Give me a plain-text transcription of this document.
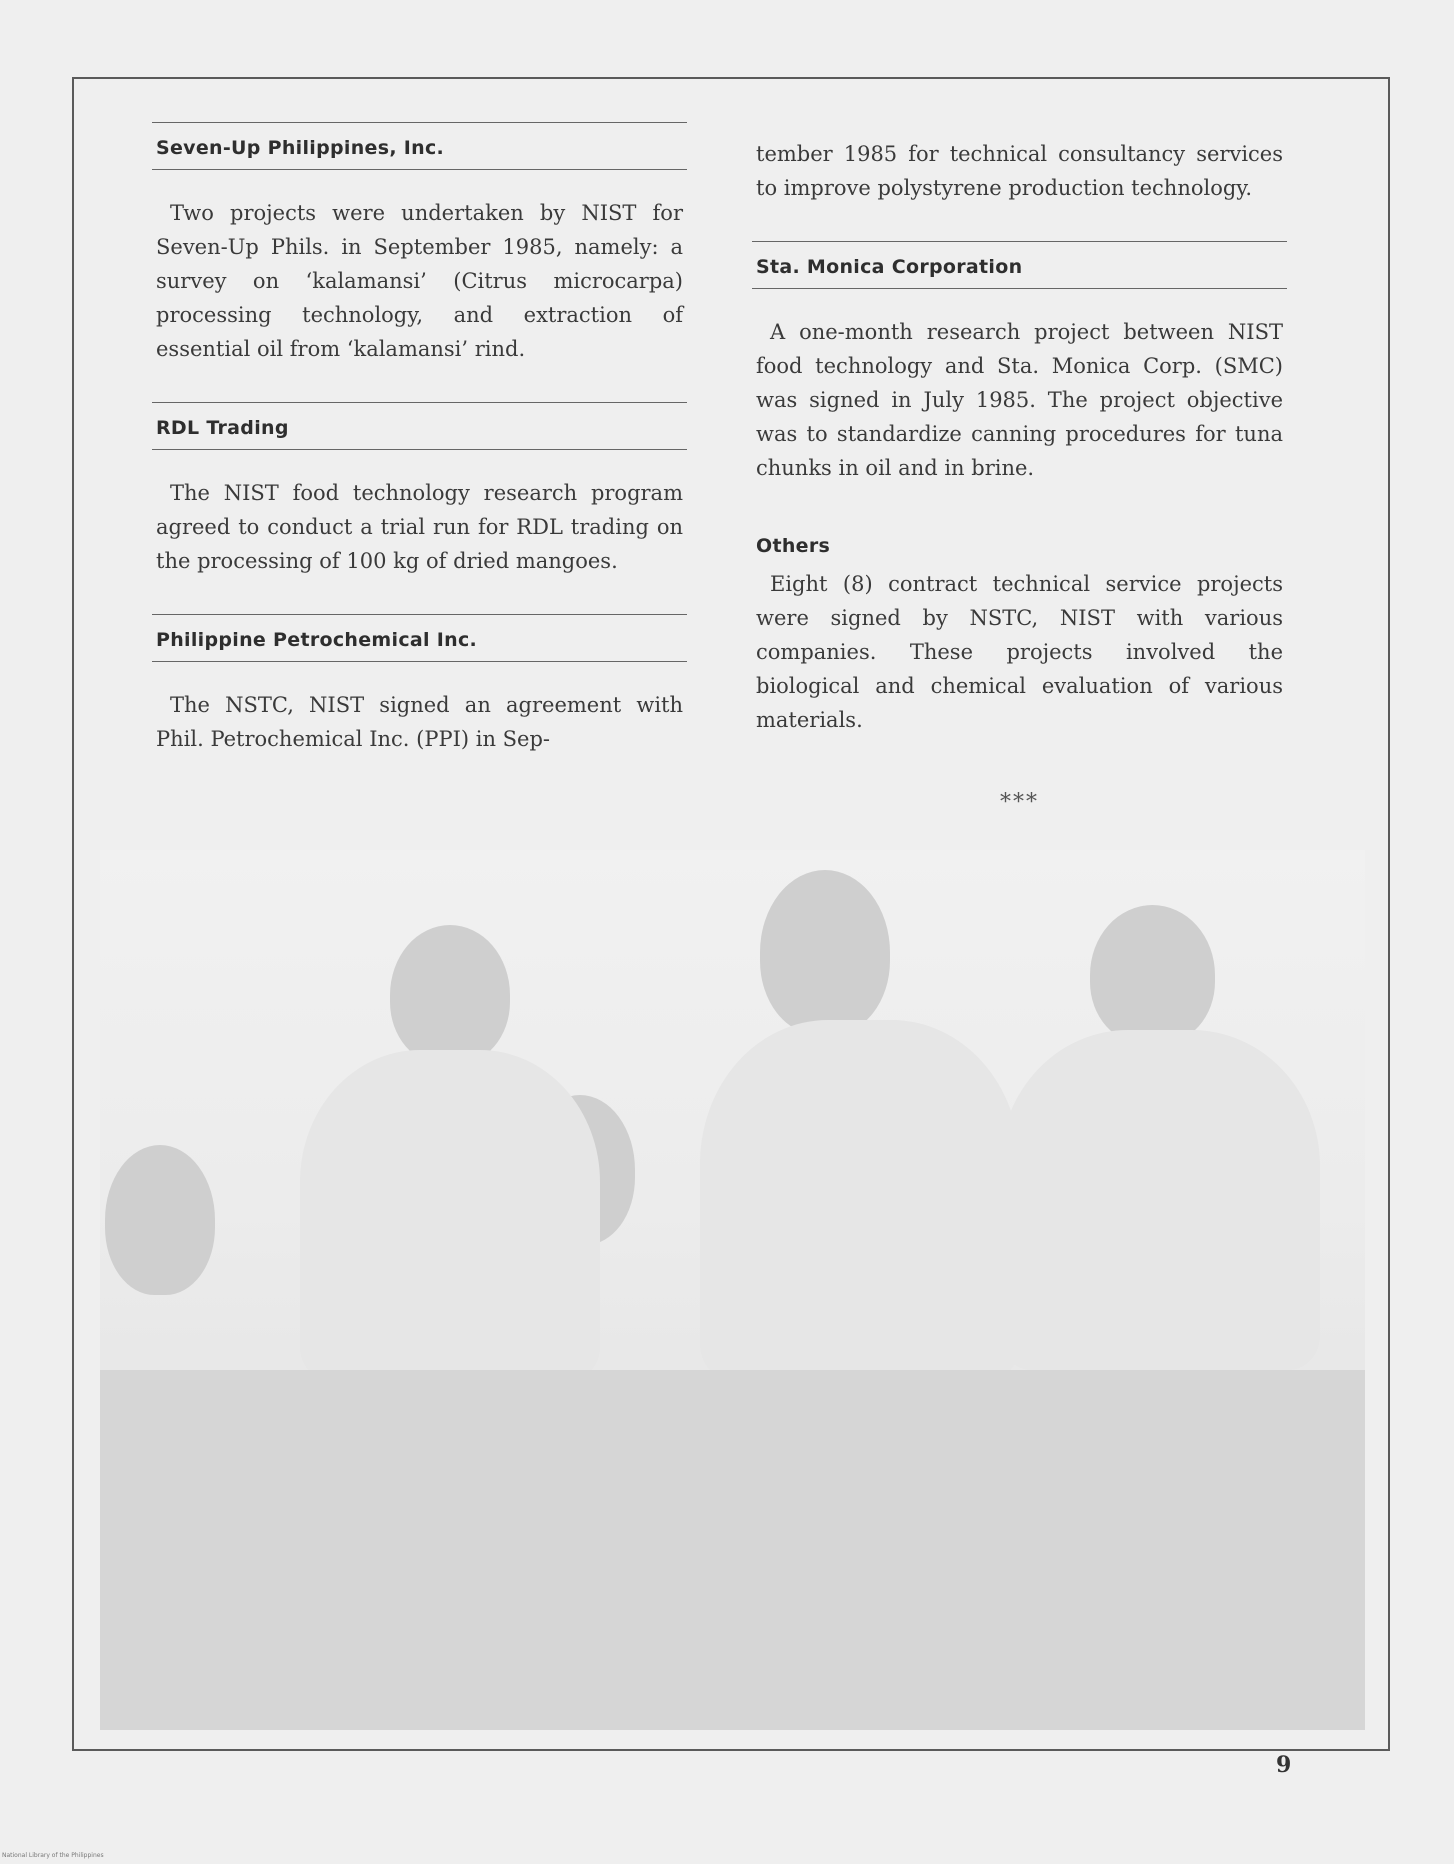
Seven-Up Philippines, Inc.

Two projects were undertaken by NIST for Seven-Up Phils. in September 1985, namely: a survey on ‘kalamansi’ (Citrus microcarpa) processing technology, and extraction of essential oil from ‘kalamansi’ rind.

RDL Trading

The NIST food technology research program agreed to conduct a trial run for RDL trading on the processing of 100 kg of dried mangoes.

Philippine Petrochemical Inc.

The NSTC, NIST signed an agreement with Phil. Petrochemical Inc. (PPI) in Sep-

tember 1985 for technical consultancy services to improve polystyrene production technology.

Sta. Monica Corporation

A one-month research project between NIST food technology and Sta. Monica Corp. (SMC) was signed in July 1985. The project objective was to standardize canning procedures for tuna chunks in oil and in brine.

Others

Eight (8) contract technical service projects were signed by NSTC, NIST with various companies. These projects involved the biological and chemical evaluation of various materials.

***
9
National Library of the Philippines
